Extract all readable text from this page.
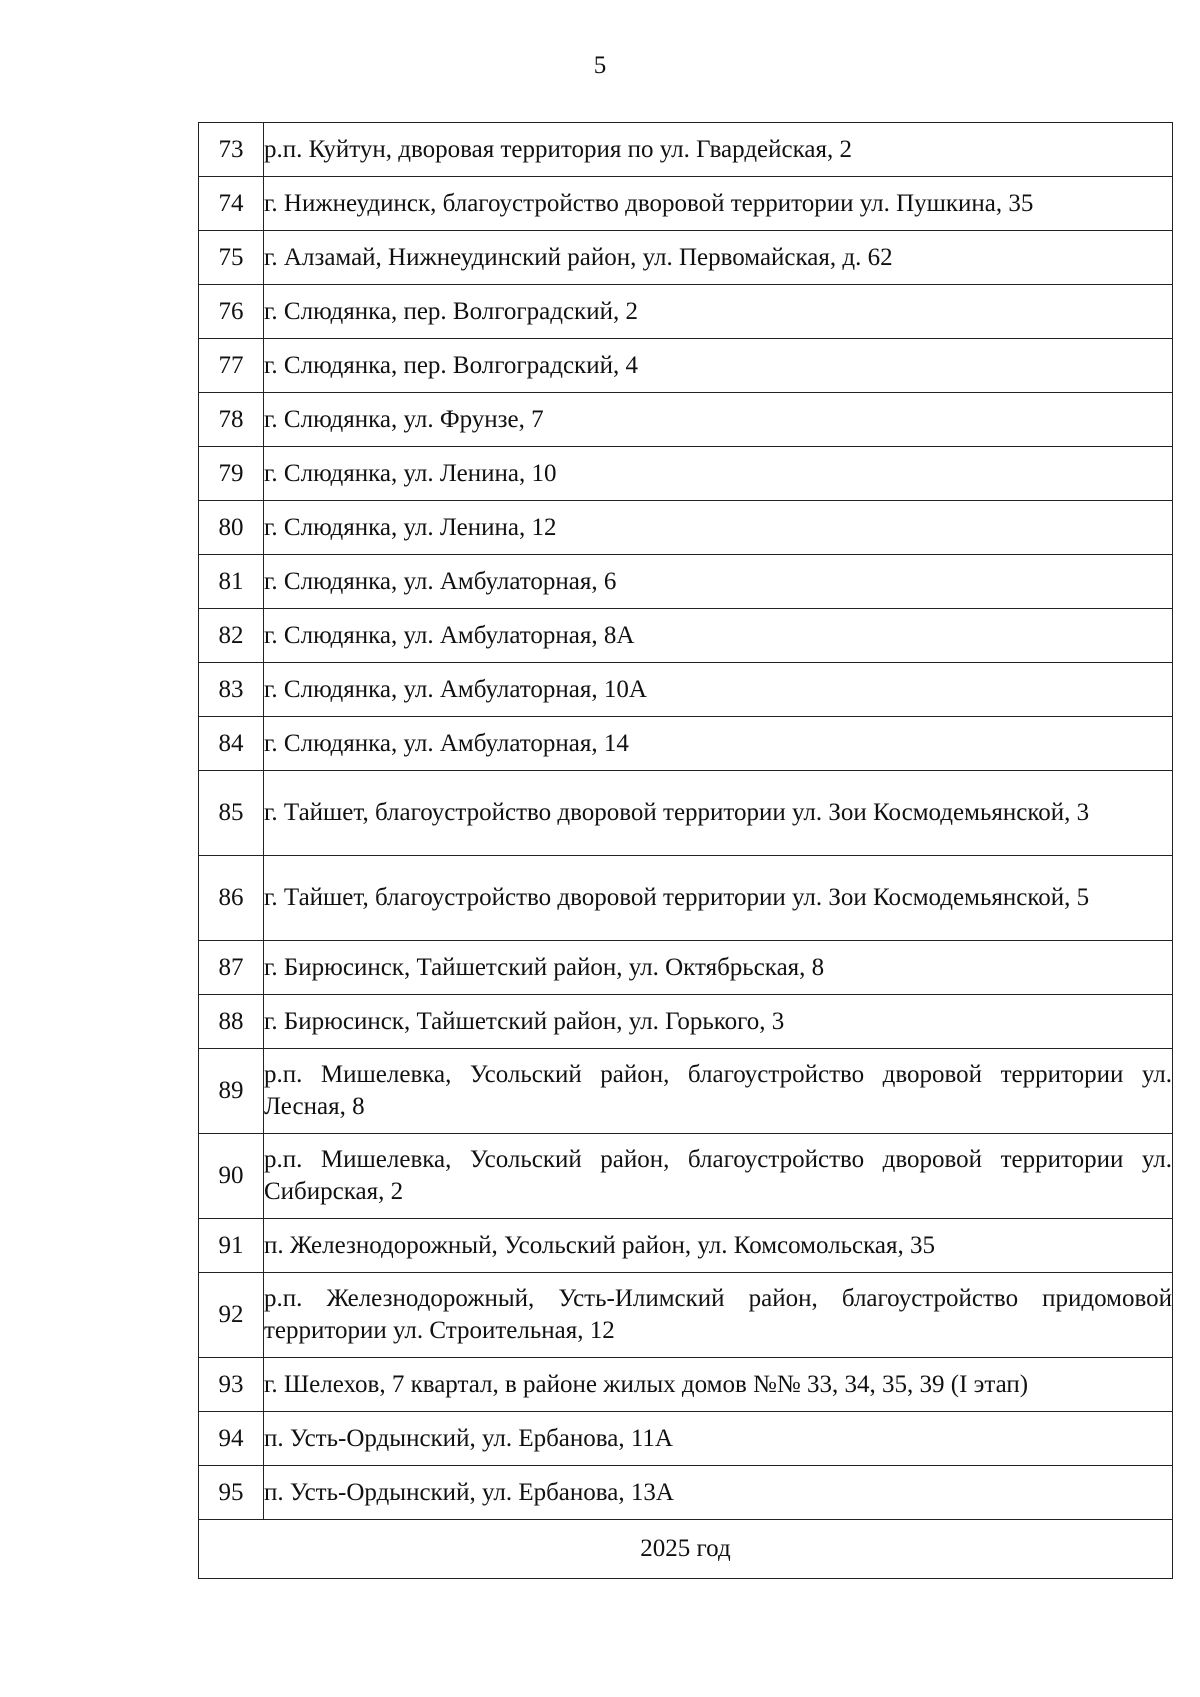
5
73	р.п. Куйтун, дворовая территория по ул. Гвардейская, 2
74	г. Нижнеудинск, благоустройство дворовой территории ул. Пушкина, 35
75	г. Алзамай, Нижнеудинский район, ул. Первомайская, д. 62
76	г. Слюдянка, пер. Волгоградский, 2
77	г. Слюдянка, пер. Волгоградский, 4
78	г. Слюдянка, ул. Фрунзе, 7
79	г. Слюдянка, ул. Ленина, 10
80	г. Слюдянка, ул. Ленина, 12
81	г. Слюдянка, ул. Амбулаторная, 6
82	г. Слюдянка, ул. Амбулаторная, 8А
83	г. Слюдянка, ул. Амбулаторная, 10А
84	г. Слюдянка, ул. Амбулаторная, 14
85	г. Тайшет, благоустройство дворовой территории ул. Зои Космодемьянской, 3
86	г. Тайшет, благоустройство дворовой территории ул. Зои Космодемьянской, 5
87	г. Бирюсинск, Тайшетский район, ул. Октябрьская, 8
88	г. Бирюсинск, Тайшетский район, ул. Горького, 3
89	р.п. Мишелевка, Усольский район, благоустройство дворовой территории ул. Лесная, 8
90	р.п. Мишелевка, Усольский район, благоустройство дворовой территории ул. Сибирская, 2
91	п. Железнодорожный, Усольский район, ул. Комсомольская, 35
92	р.п. Железнодорожный, Усть-Илимский район, благоустройство придомовой территории ул. Строительная, 12
93	г. Шелехов, 7 квартал, в районе жилых домов №№ 33, 34, 35, 39 (I этап)
94	п. Усть-Ордынский, ул. Ербанова, 11А
95	п. Усть-Ордынский, ул. Ербанова, 13А
2025 год	
